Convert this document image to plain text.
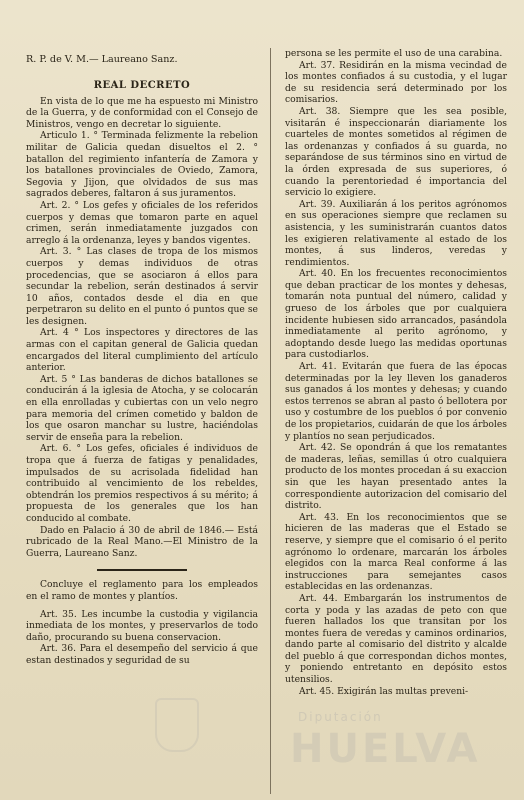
R. P. de V. M.— Laureano Sanz.
REAL DECRETO

En vista de lo que me ha espuesto mi Ministro de la Guerra, y de conformidad con el Consejo de Ministros, vengo en decretar lo siguiente.

Articulo 1. ° Terminada felizmente la rebelion militar de Galicia quedan disueltos el 2. ° batallon del regimiento infantería de Zamora y los batallones provinciales de Oviedo, Zamora, Segovia y Jijon, que olvidados de sus mas sagrados deberes, faltaron á sus juramentos.

Art. 2. ° Los gefes y oficiales de los referidos cuerpos y demas que tomaron parte en aquel crimen, serán inmediatamente juzgados con arreglo á la ordenanza, leyes y bandos vigentes.

Art. 3. ° Las clases de tropa de los mismos cuerpos y demas individuos de otras procedencias, que se asociaron á ellos para secundar la rebelion, serán destinados á servir 10 años, contados desde el dia en que perpetraron su delito en el punto ó puntos que se les designen.

Art. 4 ° Los inspectores y directores de las armas con el capitan general de Galicia quedan encargados del literal cumplimiento del artículo anterior.

Art. 5 ° Las banderas de dichos batallones se conducirán á la iglesia de Atocha, y se colocarán en ella enrolladas y cubiertas con un velo negro para memoria del crímen cometido y baldon de los que osaron manchar su lustre, haciéndolas servir de enseña para la rebelion.

Art. 6. ° Los gefes, oficiales é individuos de tropa que á fuerza de fatigas y penalidades, impulsados de su acrisolada fidelidad han contribuido al vencimiento de los rebeldes, obtendrán los premios respectivos á su mérito; á propuesta de los generales que los han conducido al combate.

Dado en Palacio á 30 de abril de 1846.— Está rubricado de la Real Mano.—El Ministro de la Guerra, Laureano Sanz.

Concluye el reglamento para los empleados en el ramo de montes y plantíos.

Art. 35. Les incumbe la custodia y vigilancia inmediata de los montes, y preservarlos de todo daño, procurando su buena conservacion.

Art. 36. Para el desempeño del servicio á que estan destinados y seguridad de su

persona se les permite el uso de una carabina.

Art. 37. Residirán en la misma vecindad de los montes confiados á su custodia, y el lugar de su residencia será determinado por los comisarios.

Art. 38. Siempre que les sea posible, visitarán é inspeccionarán diariamente los cuarteles de montes sometidos al régimen de las ordenanzas y confiados á su guarda, no separándose de sus términos sino en virtud de la órden expresada de sus superiores, ó cuando la perentoriedad é importancia del servicio lo exigiere.

Art. 39. Auxiliarán á los peritos agrónomos en sus operaciones siempre que reclamen su asistencia, y les suministrarán cuantos datos les exigieren relativamente al estado de los montes, á sus linderos, veredas y rendimientos.

Art. 40. En los frecuentes reconocimientos que deban practicar de los montes y dehesas, tomarán nota puntual del número, calidad y grueso de los árboles que por cualquiera incidente hubiesen sido arrancados, pasándola inmediatamente al perito agrónomo, y adoptando desde luego las medidas oportunas para custodiarlos.

Art. 41. Evitarán que fuera de las épocas determinadas por la ley lleven los ganaderos sus ganados á los montes y dehesas; y cuando estos terrenos se abran al pasto ó bellotera por uso y costumbre de los pueblos ó por convenio de los propietarios, cuidarán de que los árboles y plantíos no sean perjudicados.

Art. 42. Se opondrán á que los rematantes de maderas, leñas, semillas ú otro cualquiera producto de los montes procedan á su exaccion sin que les hayan presentado antes la correspondiente autorizacion del comisario del distrito.

Art. 43. En los reconocimientos que se hicieren de las maderas que el Estado se reserve, y siempre que el comisario ó el perito agrónomo lo ordenare, marcarán los árboles elegidos con la marca Real conforme á las instrucciones para semejantes casos establecidas en las ordenanzas.

Art. 44. Embargarán los instrumentos de corta y poda y las azadas de peto con que fueren hallados los que transitan por los montes fuera de veredas y caminos ordinarios, dando parte al comisario del distrito y alcalde del pueblo á que correspondan dichos montes, y poniendo entretanto en depósito estos utensilios.

Art. 45. Exigirán las multas preveni-

Diputación
HUELVA
